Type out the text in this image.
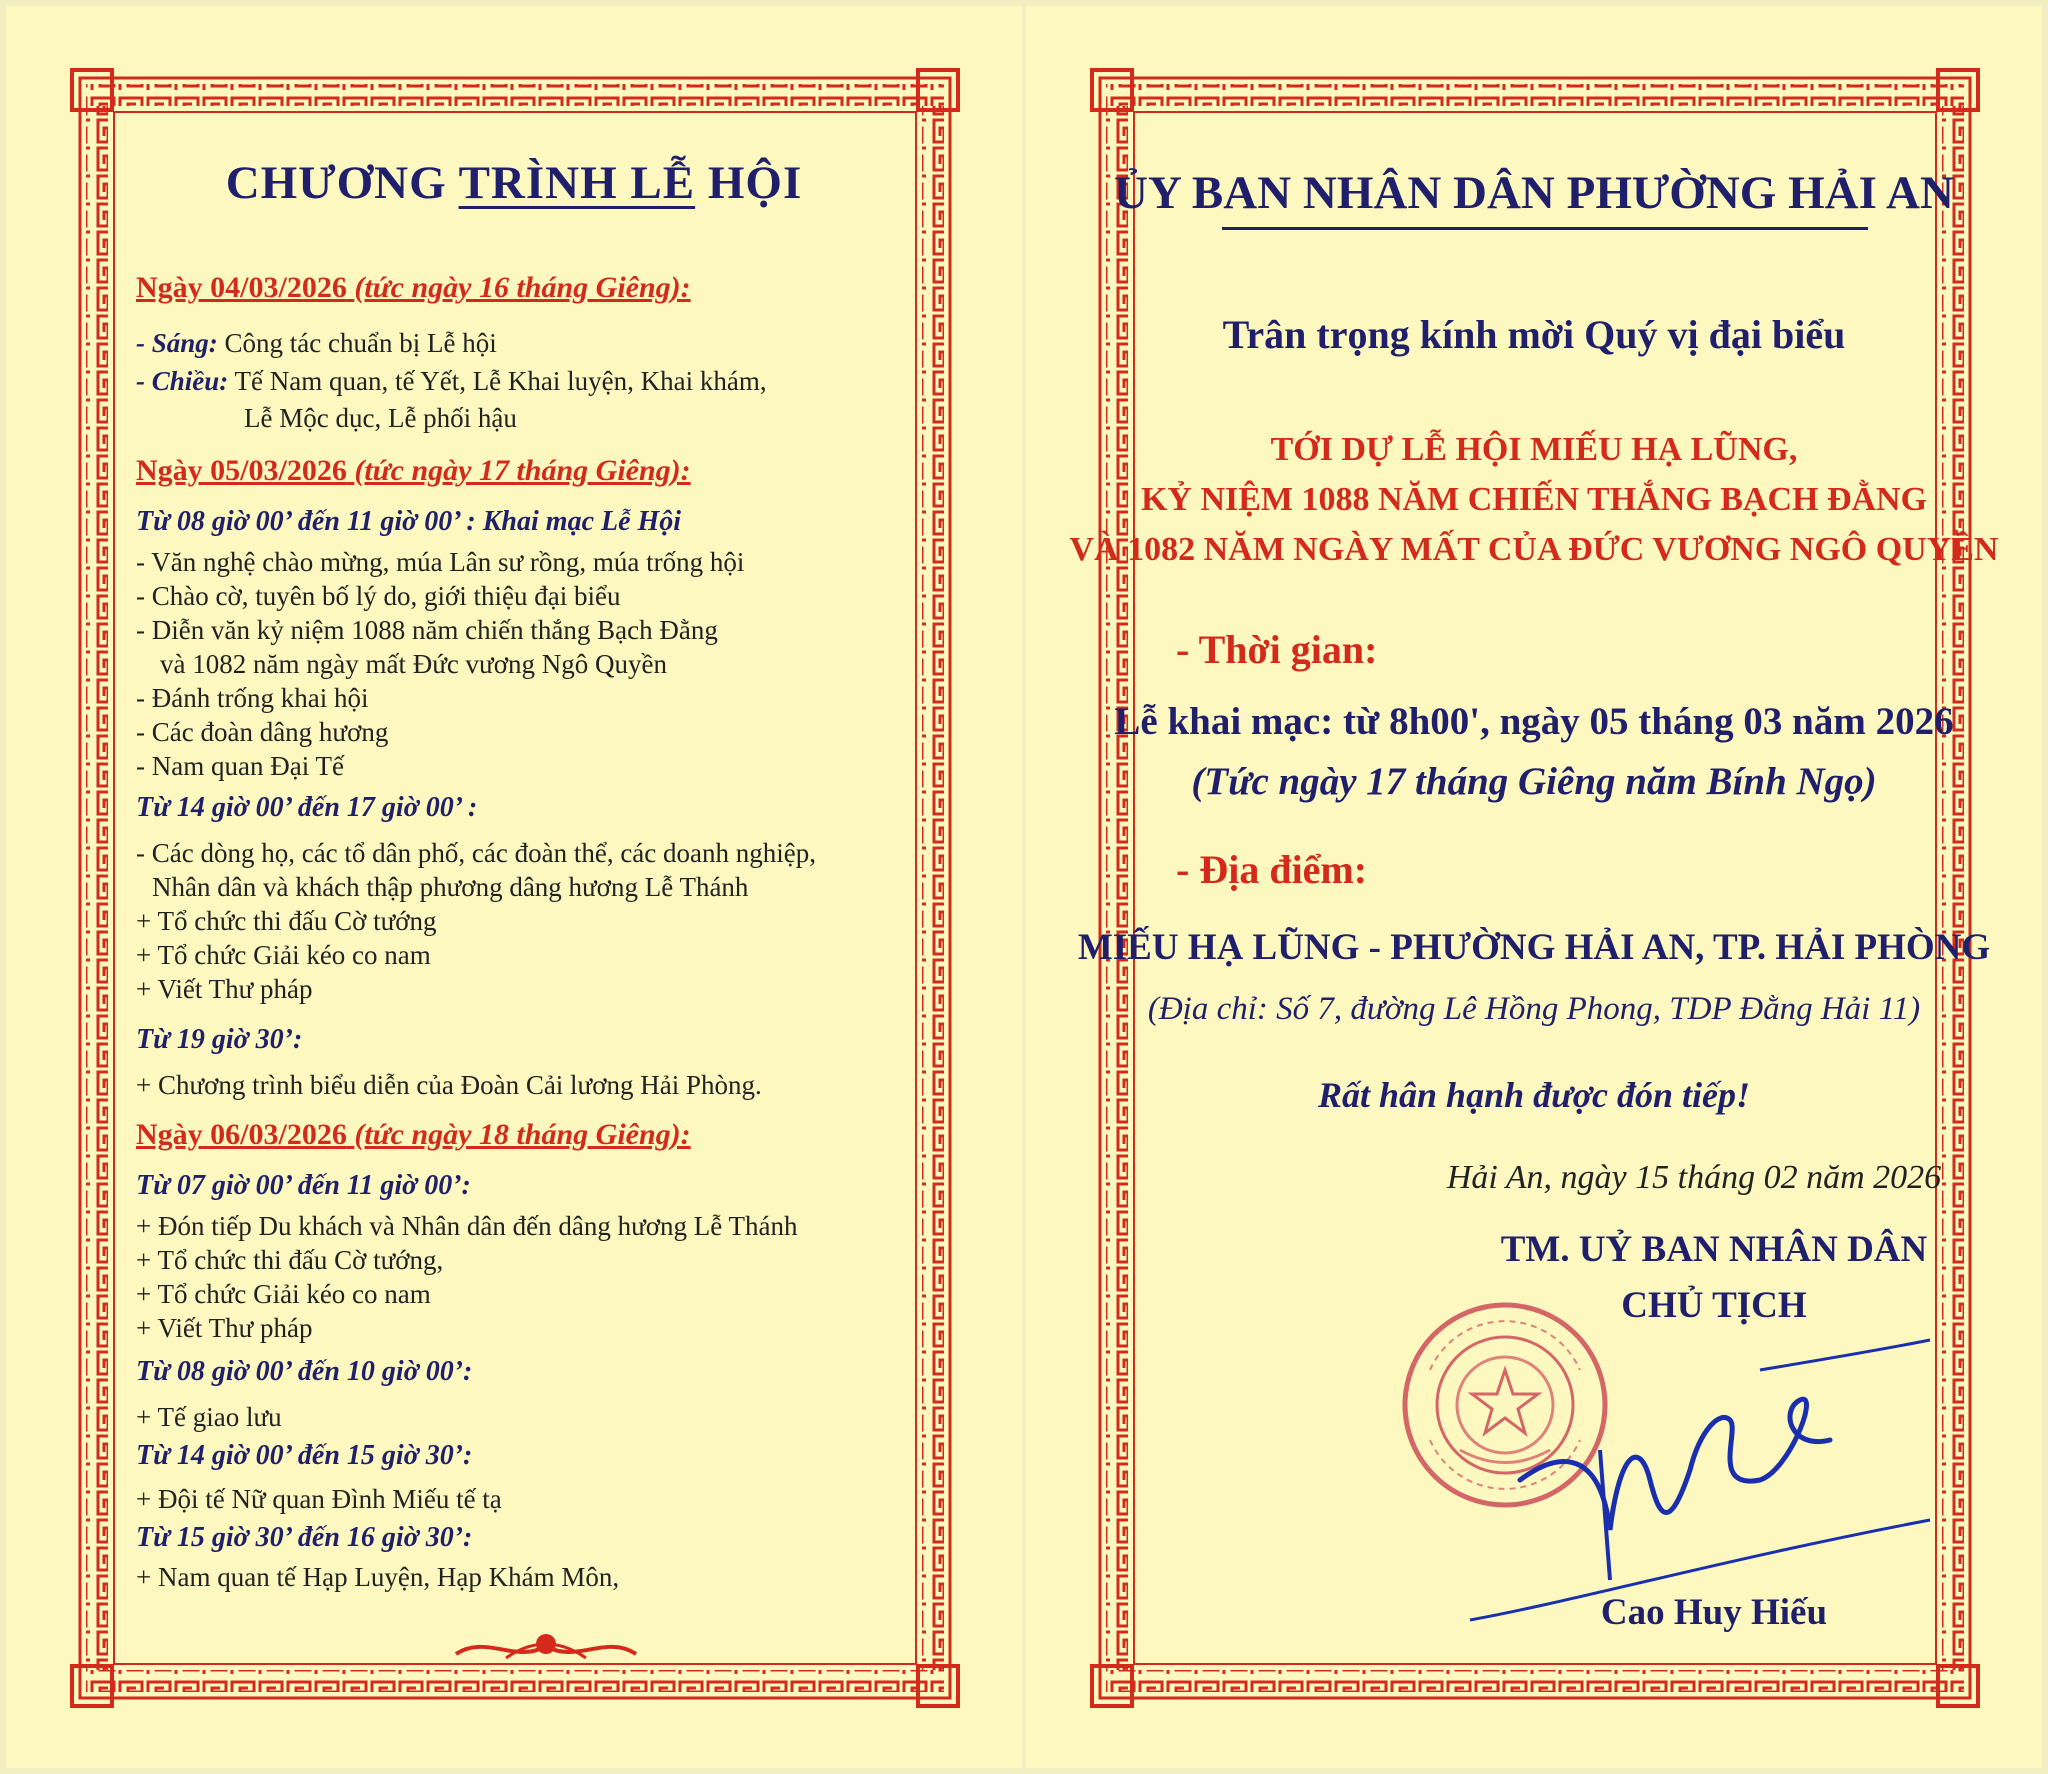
CHƯƠNG TRÌNH LỄ HỘI
Ngày 04/03/2026 (tức ngày 16 tháng Giêng):
- Sáng: Công tác chuẩn bị Lễ hội
- Chiều: Tế Nam quan, tế Yết, Lễ Khai luyện, Khai khám,
Lễ Mộc dục, Lễ phối hậu
Ngày 05/03/2026 (tức ngày 17 tháng Giêng):
Từ 08 giờ 00’ đến 11 giờ 00’ : Khai mạc Lễ Hội
- Văn nghệ chào mừng, múa Lân sư rồng, múa trống hội
- Chào cờ, tuyên bố lý do, giới thiệu đại biểu
- Diễn văn kỷ niệm 1088 năm chiến thắng Bạch Đằng
và 1082 năm ngày mất Đức vương Ngô Quyền
- Đánh trống khai hội
- Các đoàn dâng hương
- Nam quan Đại Tế
Từ 14 giờ 00’ đến 17 giờ 00’ :
- Các dòng họ, các tổ dân phố, các đoàn thể, các doanh nghiệp,
Nhân dân và khách thập phương dâng hương Lễ Thánh
+ Tổ chức thi đấu Cờ tướng
+ Tổ chức Giải kéo co nam
+ Viết Thư pháp
Từ 19 giờ 30’:
+ Chương trình biểu diễn của Đoàn Cải lương Hải Phòng.
Ngày 06/03/2026 (tức ngày 18 tháng Giêng):
Từ 07 giờ 00’ đến 11 giờ 00’:
+ Đón tiếp Du khách và Nhân dân đến dâng hương Lễ Thánh
+ Tổ chức thi đấu Cờ tướng,
+ Tổ chức Giải kéo co nam
+ Viết Thư pháp
Từ 08 giờ 00’ đến 10 giờ 00’:
+ Tế giao lưu
Từ 14 giờ 00’ đến 15 giờ 30’:
+ Đội tế Nữ quan Đình Miếu tế tạ
Từ 15 giờ 30’ đến 16 giờ 30’:
+ Nam quan tế Hạp Luyện, Hạp Khám Môn,
ỦY BAN NHÂN DÂN PHƯỜNG HẢI AN
Trân trọng kính mời Quý vị đại biểu
TỚI DỰ LỄ HỘI MIẾU HẠ LŨNG,
KỶ NIỆM 1088 NĂM CHIẾN THẮNG BẠCH ĐẰNG
VÀ 1082 NĂM NGÀY MẤT CỦA ĐỨC VƯƠNG NGÔ QUYỀN
- Thời gian:
Lễ khai mạc: từ 8h00', ngày 05 tháng 03 năm 2026
(Tức ngày 17 tháng Giêng năm Bính Ngọ)
- Địa điểm:
MIẾU HẠ LŨNG - PHƯỜNG HẢI AN, TP. HẢI PHÒNG
(Địa chỉ: Số 7, đường Lê Hồng Phong, TDP Đằng Hải 11)
Rất hân hạnh được đón tiếp!
Hải An, ngày 15 tháng 02 năm 2026
TM. UỶ BAN NHÂN DÂN
CHỦ TỊCH
Cao Huy Hiếu
